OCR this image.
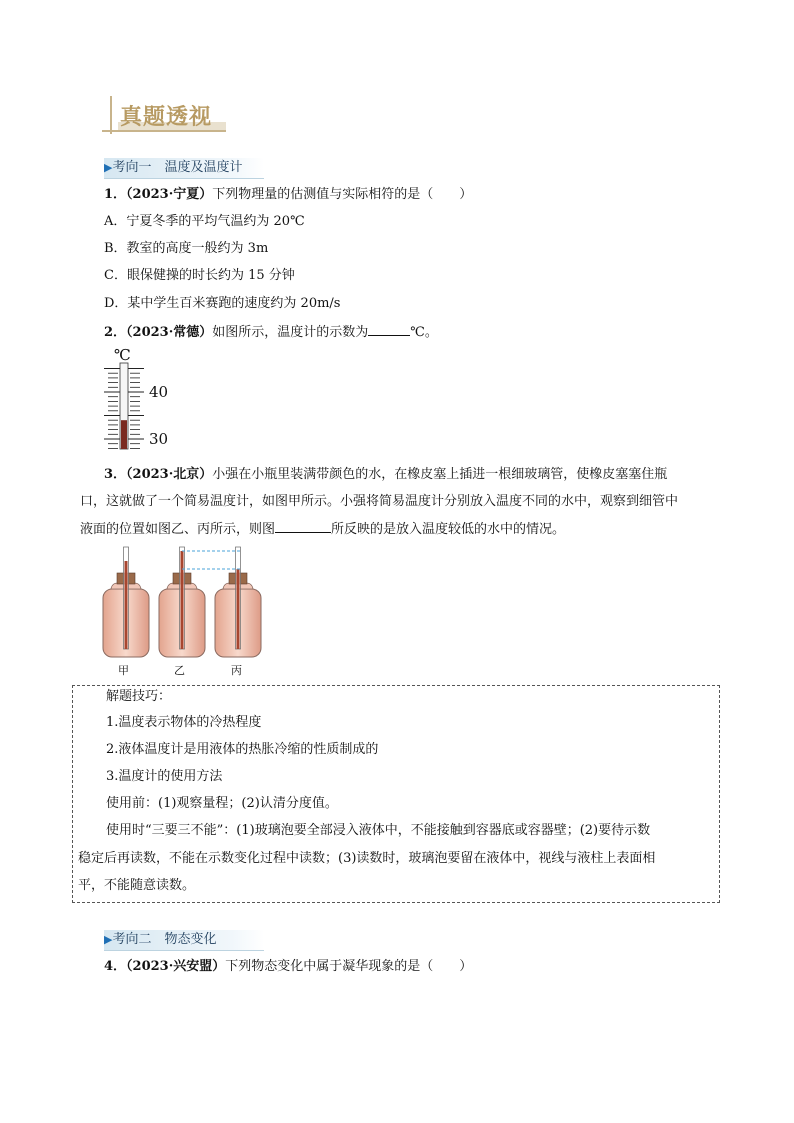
真题透视
▶考向一　温度及温度计
1．（2023·宁夏）下列物理量的估测值与实际相符的是（　　）
A．宁夏冬季的平均气温约为 20℃
B．教室的高度一般约为 3m
C．眼保健操的时长约为 15 分钟
D．某中学生百米赛跑的速度约为 20m/s
2．（2023·常德）如图所示，温度计的示数为	℃。
℃
40
30
3．（2023·北京）小强在小瓶里装满带颜色的水，在橡皮塞上插进一根细玻璃管，使橡皮塞塞住瓶
口，这就做了一个简易温度计，如图甲所示。小强将简易温度计分别放入温度不同的水中，观察到细管中
液面的位置如图乙、丙所示，则图	所反映的是放入温度较低的水中的情况。
甲	乙	丙
解题技巧：
1.温度表示物体的冷热程度
2.液体温度计是用液体的热胀冷缩的性质制成的
3.温度计的使用方法
使用前：(1)观察量程；(2)认清分度值。
使用时“三要三不能”：(1)玻璃泡要全部浸入液体中，不能接触到容器底或容器壁；(2)要待示数
稳定后再读数，不能在示数变化过程中读数；(3)读数时，玻璃泡要留在液体中，视线与液柱上表面相
平，不能随意读数。
▶考向二　物态变化
4．（2023·兴安盟）下列物态变化中属于凝华现象的是（　　）
